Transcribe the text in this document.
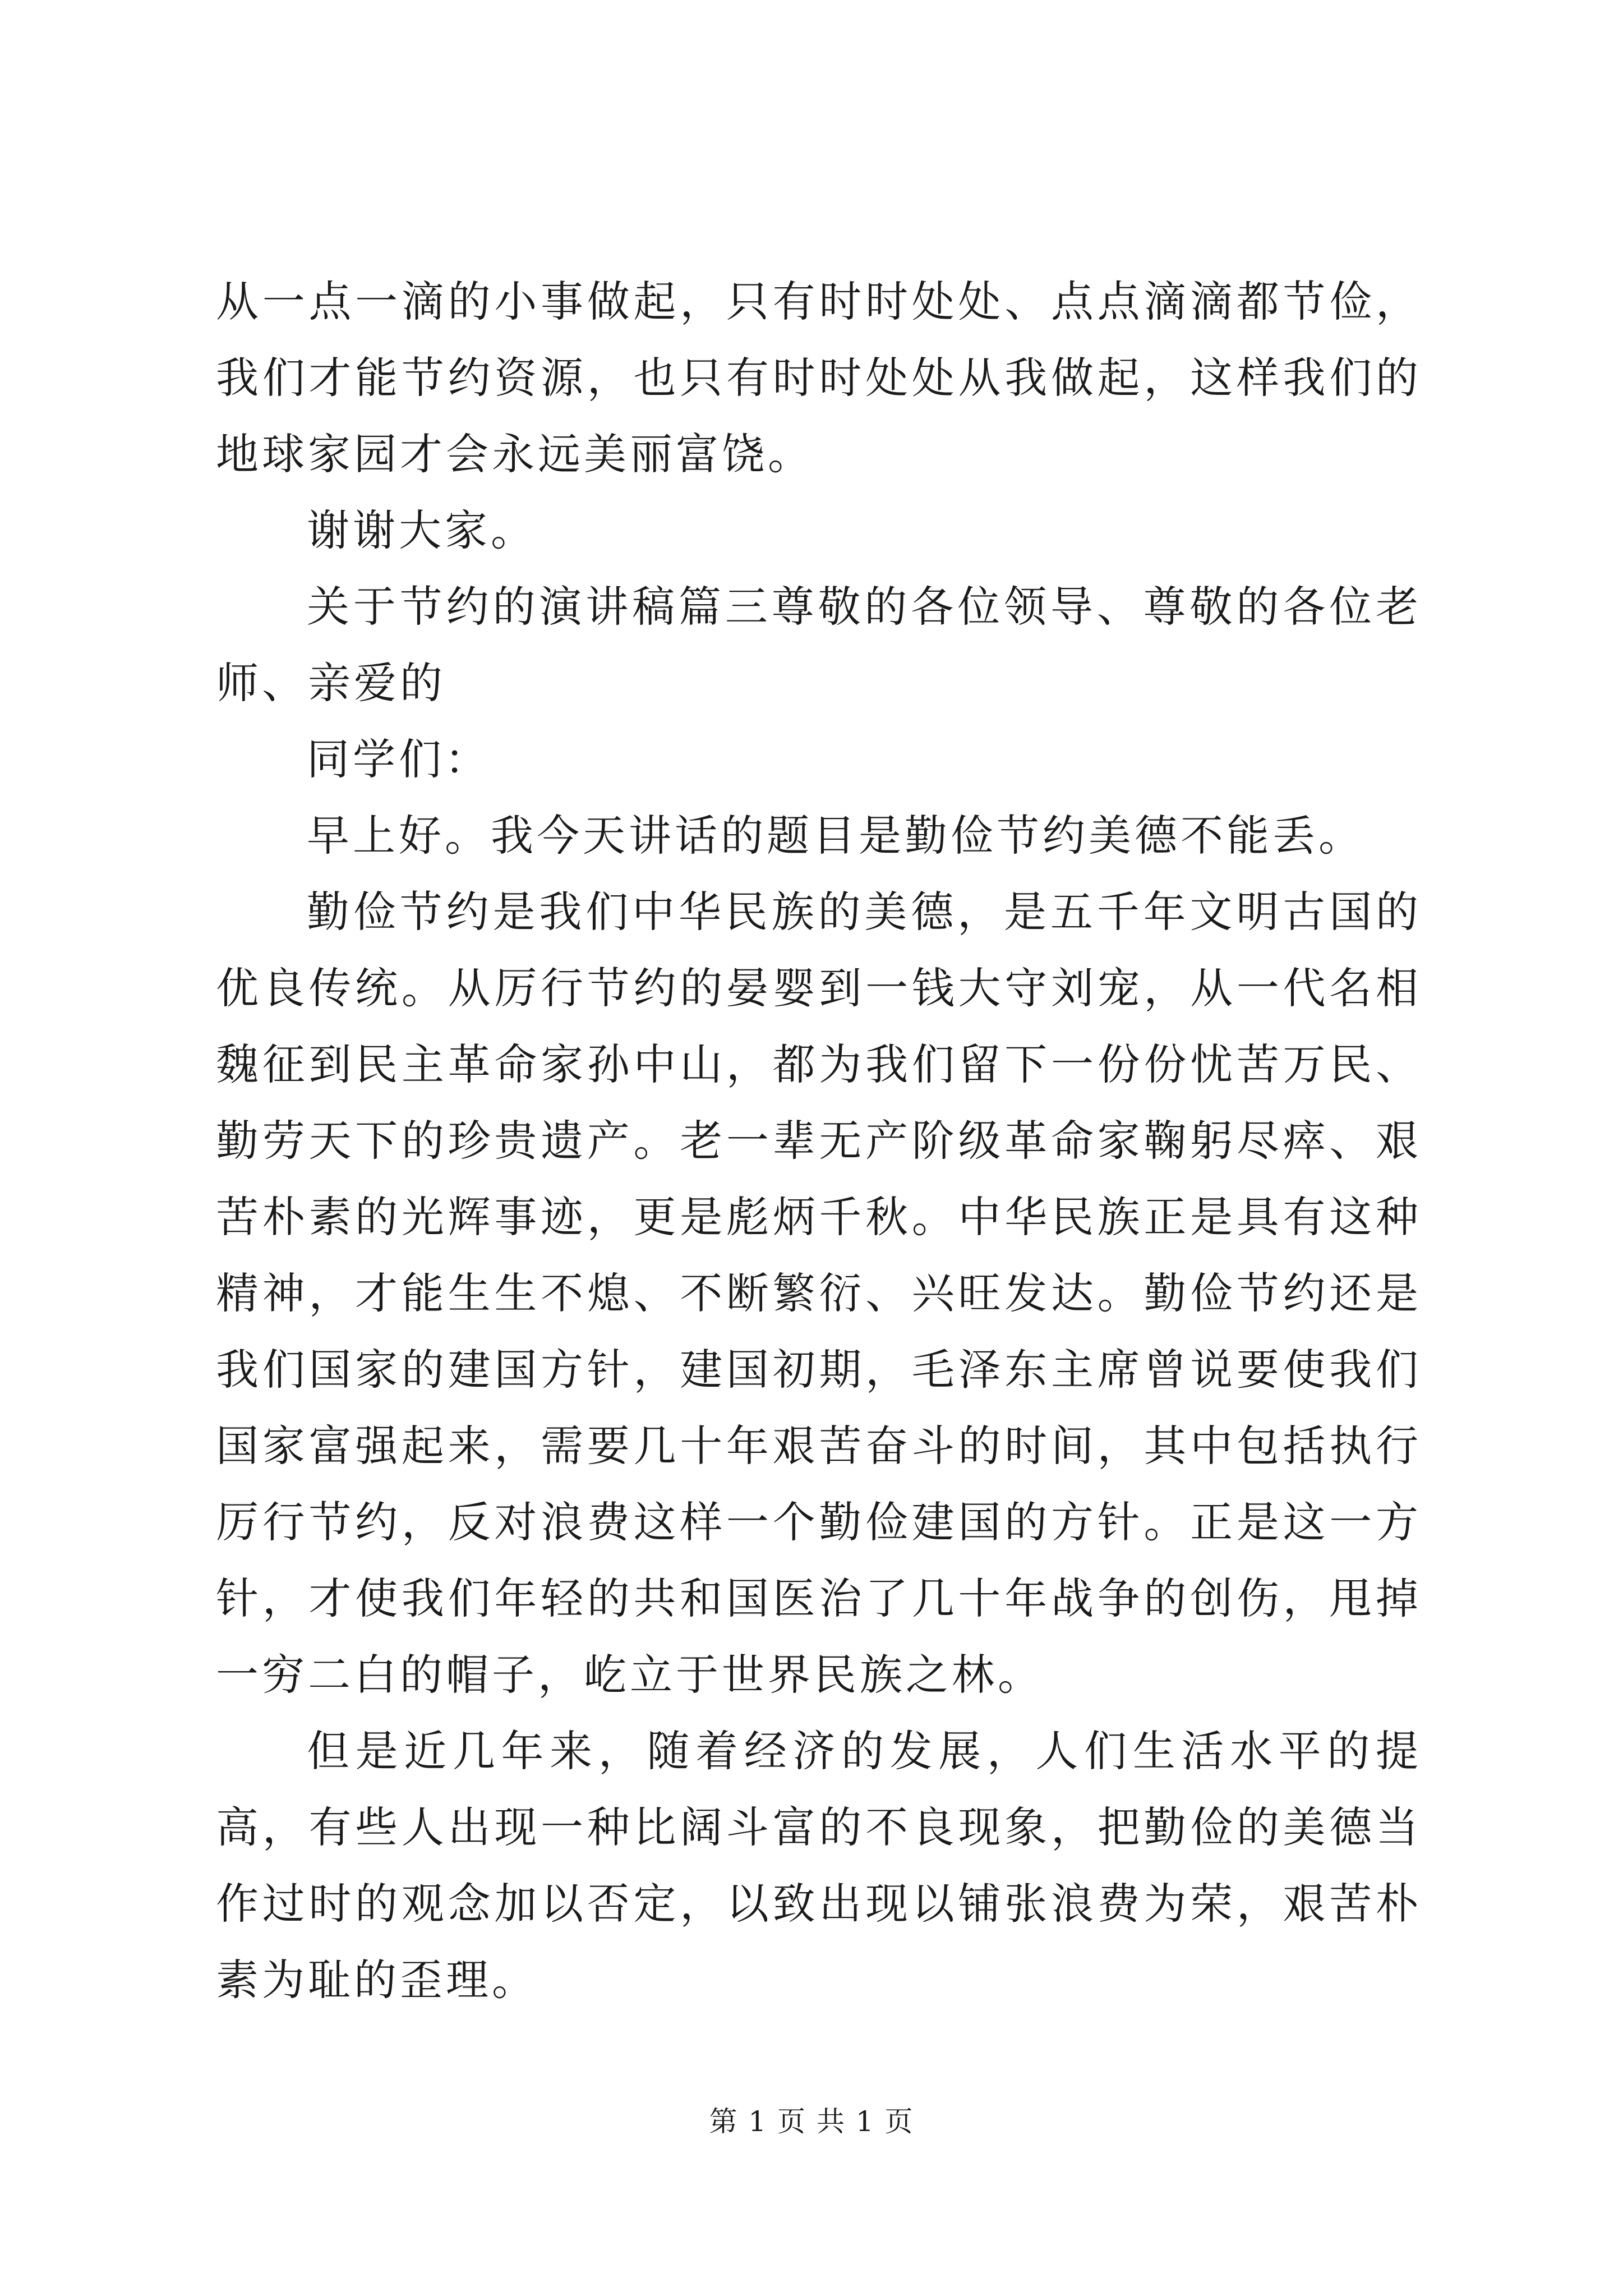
从一点一滴的小事做起，只有时时处处、点点滴滴都节俭，我们才能节约资源，也只有时时处处从我做起，这样我们的地球家园才会永远美丽富饶。

谢谢大家。

关于节约的演讲稿篇三尊敬的各位领导、尊敬的各位老师、亲爱的

同学们：

早上好。我今天讲话的题目是勤俭节约美德不能丢。

勤俭节约是我们中华民族的美德，是五千年文明古国的优良传统。从厉行节约的晏婴到一钱大守刘宠，从一代名相魏征到民主革命家孙中山，都为我们留下一份份忧苦万民、勤劳天下的珍贵遗产。老一辈无产阶级革命家鞠躬尽瘁、艰苦朴素的光辉事迹，更是彪炳千秋。中华民族正是具有这种精神，才能生生不熄、不断繁衍、兴旺发达。勤俭节约还是我们国家的建国方针，建国初期，毛泽东主席曾说要使我们国家富强起来，需要几十年艰苦奋斗的时间，其中包括执行厉行节约，反对浪费这样一个勤俭建国的方针。正是这一方针，才使我们年轻的共和国医治了几十年战争的创伤，甩掉一穷二白的帽子，屹立于世界民族之林。

但是近几年来，随着经济的发展，人们生活水平的提高，有些人出现一种比阔斗富的不良现象，把勤俭的美德当作过时的观念加以否定，以致出现以铺张浪费为荣，艰苦朴素为耻的歪理。

第 1 页 共 1 页
